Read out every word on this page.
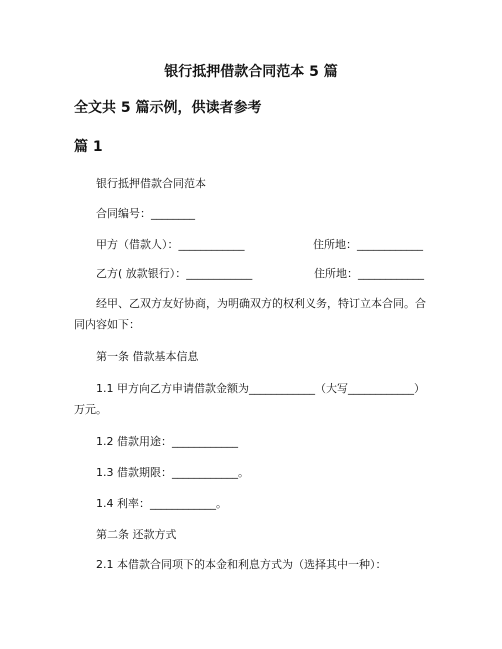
银行抵押借款合同范本 5 篇
全文共 5 篇示例，供读者参考
篇 1
银行抵押借款合同范本
合同编号：________
甲方（借款人）：____________	住所地：____________
乙方( 放款银行）：____________	住所地：____________
经甲、乙双方友好协商，为明确双方的权利义务，特订立本合同。合同内容如下：
第一条 借款基本信息
1.1 甲方向乙方申请借款金额为____________（大写____________）万元。
1.2 借款用途：____________
1.3 借款期限：____________。
1.4 利率：____________。
第二条 还款方式
2.1 本借款合同项下的本金和利息方式为（选择其中一种）：
